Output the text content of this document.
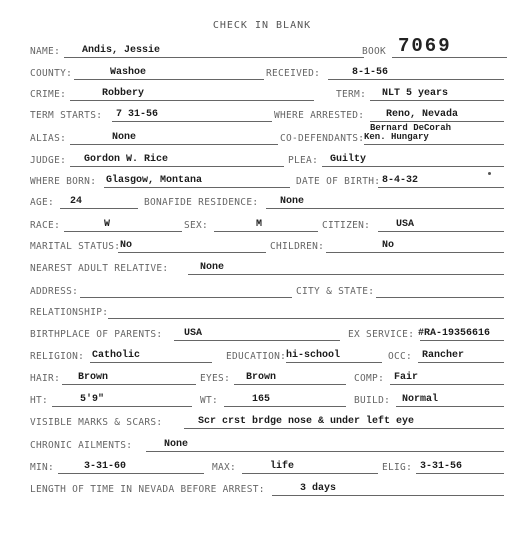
CHECK IN BLANK
NAME: Andis, Jessie	BOOK 7069
COUNTY:	Washoe	RECEIVED:	8-1-56
CRIME:	Robbery	TERM: NLT 5 years
TERM STARTS: 7 31-56	WHERE ARRESTED: Reno, Nevada
ALIAS:	None	CO-DEFENDANTS:
Bernard DeCorah
Ken. Hungary
JUDGE: Gordon W. Rice	PLEA: Guilty
WHERE BORN: Glasgow, Montana	DATE OF BIRTH: 8-4-32
AGE: 24	BONAFIDE RESIDENCE: None
RACE:	W	SEX:	M	CITIZEN:	USA
MARITAL STATUS: No	CHILDREN:	No
NEAREST ADULT RELATIVE:	None
ADDRESS:	CITY & STATE:
RELATIONSHIP:
BIRTHPLACE OF PARENTS: USA	EX SERVICE: #RA-19356616
RELIGION: Catholic	EDUCATION: hi-school	OCC: Rancher
HAIR: Brown	EYES: Brown	COMP: Fair
HT:	5'9"	WT:	165	BUILD: Normal
VISIBLE MARKS & SCARS:	Scr crst brdge nose & under left eye
CHRONIC AILMENTS:	None
MIN:	3-31-60	MAX:	life	ELIG: 3-31-56
LENGTH OF TIME IN NEVADA BEFORE ARREST:	3 days
